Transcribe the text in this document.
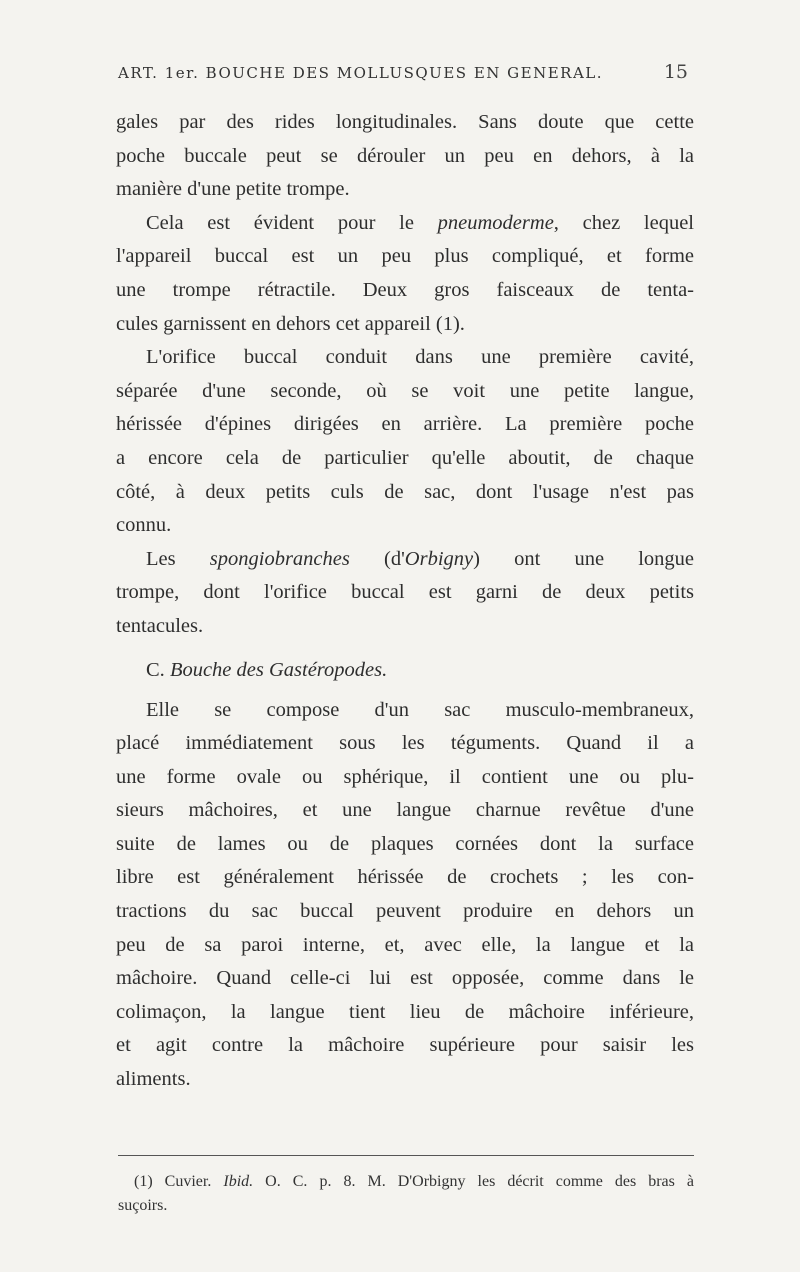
ART. 1er. BOUCHE DES MOLLUSQUES EN GENERAL.	15
gales par des rides longitudinales. Sans doute que cette
poche buccale peut se dérouler un peu en dehors, à la
manière d'une petite trompe.
Cela est évident pour le pneumoderme, chez lequel
l'appareil buccal est un peu plus compliqué, et forme
une trompe rétractile. Deux gros faisceaux de tenta-
cules garnissent en dehors cet appareil (1).
L'orifice buccal conduit dans une première cavité,
séparée d'une seconde, où se voit une petite langue,
hérissée d'épines dirigées en arrière. La première poche
a encore cela de particulier qu'elle aboutit, de chaque
côté, à deux petits culs de sac, dont l'usage n'est pas
connu.
Les spongiobranches (d'Orbigny) ont une longue
trompe, dont l'orifice buccal est garni de deux petits
tentacules.
C. Bouche des Gastéropodes.
Elle se compose d'un sac musculo-membraneux,
placé immédiatement sous les téguments. Quand il a
une forme ovale ou sphérique, il contient une ou plu-
sieurs mâchoires, et une langue charnue revêtue d'une
suite de lames ou de plaques cornées dont la surface
libre est généralement hérissée de crochets ; les con-
tractions du sac buccal peuvent produire en dehors un
peu de sa paroi interne, et, avec elle, la langue et la
mâchoire. Quand celle-ci lui est opposée, comme dans le
colimaçon, la langue tient lieu de mâchoire inférieure,
et agit contre la mâchoire supérieure pour saisir les
aliments.
(1) Cuvier. Ibid. O. C. p. 8. M. D'Orbigny les décrit comme des bras à
suçoirs.
